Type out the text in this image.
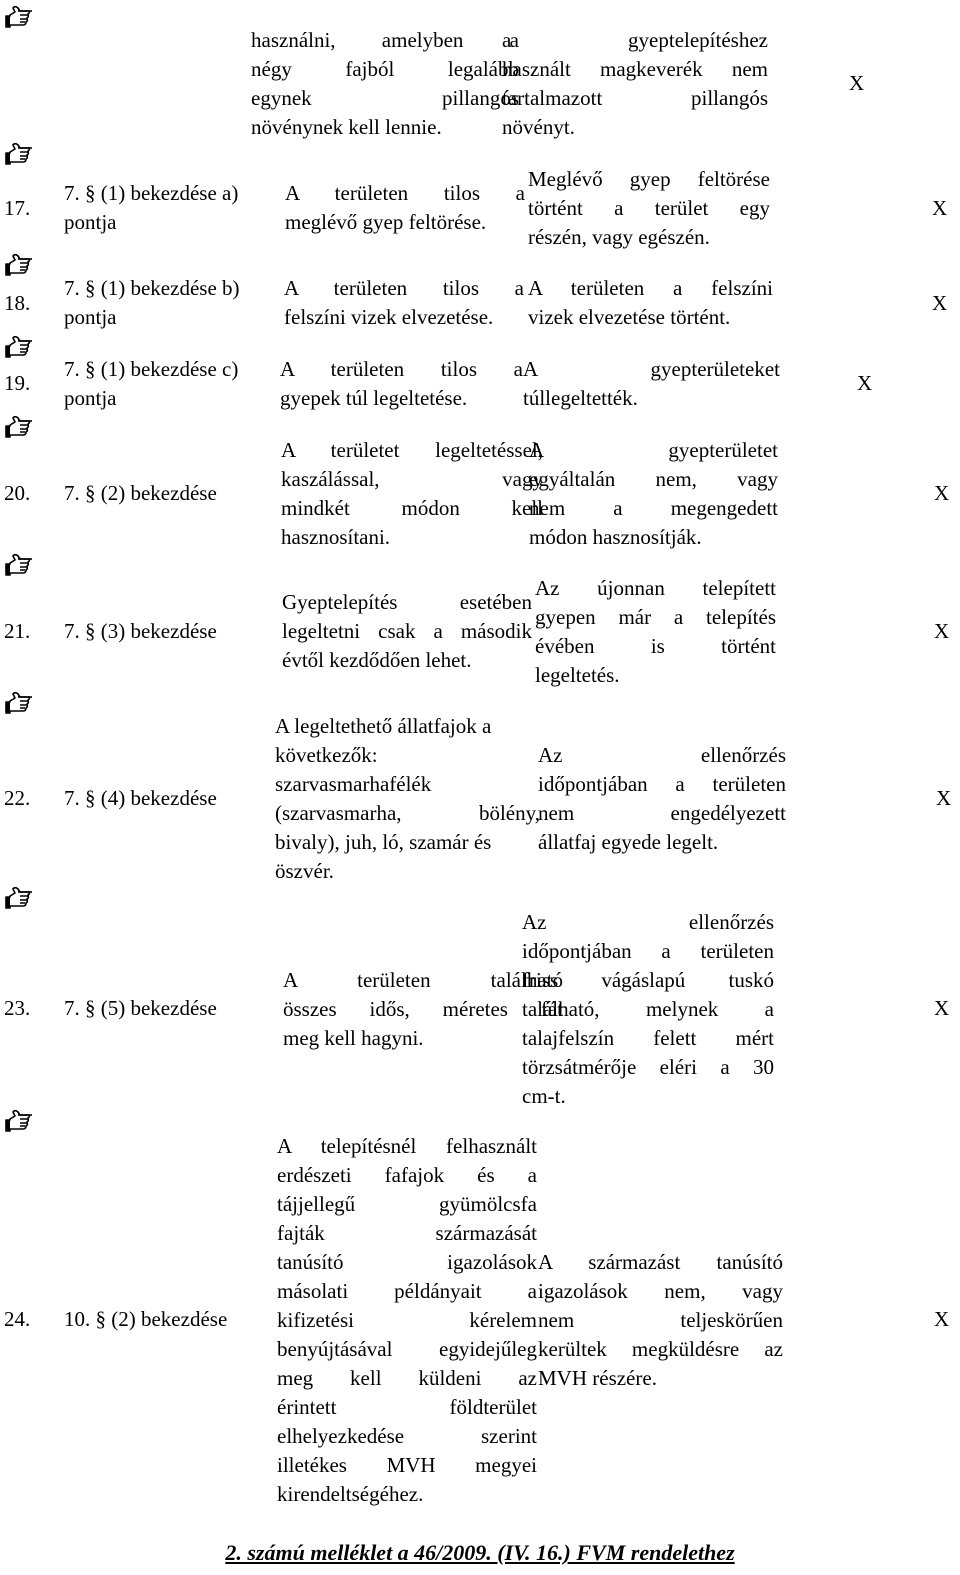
használni, amelyben a
négy fajból legalább
egynek pillangós
növénynek kell lennie.
a gyeptelepítéshez
használt magkeverék nem
tartalmazott pillangós
növényt.
X
17.
7. § (1) bekezdése a)
pontja
A területen tilos a
meglévő gyep feltörése.
Meglévő gyep feltörése
történt a terület egy
részén, vagy egészén.
X
18.
7. § (1) bekezdése b)
pontja
A területen tilos a
felszíni vizek elvezetése.
A területen a felszíni
vizek elvezetése történt.
X
19.
7. § (1) bekezdése c)
pontja
A területen tilos a
gyepek túl legeltetése.
A gyepterületeket
túllegeltették.
X
20. 7. § (2) bekezdése
A területet legeltetéssel,
kaszálással, vagy
mindkét módon kell
hasznosítani.
A gyepterületet
egyáltalán nem, vagy
nem a megengedett
módon hasznosítják.
X
21. 7. § (3) bekezdése
Gyeptelepítés esetében
legeltetni csak a második
évtől kezdődően lehet.
Az újonnan telepített
gyepen már a telepítés
évében is történt
legeltetés.
X
22. 7. § (4) bekezdése
A legeltethető állatfajok a
következők:
szarvasmarhafélék
(szarvasmarha, bölény,
bivaly), juh, ló, szamár és
öszvér.
Az ellenőrzés
időpontjában a területen
nem engedélyezett
állatfaj egyede legelt.
X
23. 7. § (5) bekezdése
A területen található
összes idős, méretes fát
meg kell hagyni.
Az ellenőrzés
időpontjában a területen
friss vágáslapú tuskó
található, melynek a
talajfelszín felett mért
törzsátmérője eléri a 30
cm-t.
X
24. 10. § (2) bekezdése
A telepítésnél felhasznált
erdészeti fafajok és a
tájjellegű gyümölcsfa
fajták származását
tanúsító igazolások
másolati példányait a
kifizetési kérelem
benyújtásával egyidejűleg
meg kell küldeni az
érintett földterület
elhelyezkedése szerint
illetékes MVH megyei
kirendeltségéhez.
A származást tanúsító
igazolások nem, vagy
nem teljeskörűen
kerültek megküldésre az
MVH részére.
X
2. számú melléklet a 46/2009. (IV. 16.) FVM rendelethez
